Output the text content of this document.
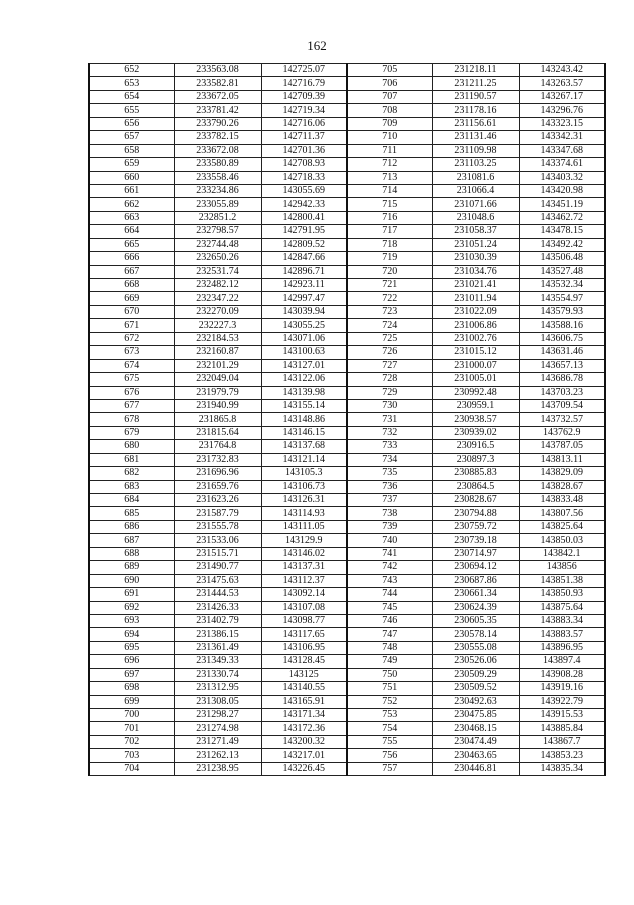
162
652	233563.08	142725.07	705	231218.11	143243.42
653	233582.81	142716.79	706	231211.25	143263.57
654	233672.05	142709.39	707	231190.57	143267.17
655	233781.42	142719.34	708	231178.16	143296.76
656	233790.26	142716.06	709	231156.61	143323.15
657	233782.15	142711.37	710	231131.46	143342.31
658	233672.08	142701.36	711	231109.98	143347.68
659	233580.89	142708.93	712	231103.25	143374.61
660	233558.46	142718.33	713	231081.6	143403.32
661	233234.86	143055.69	714	231066.4	143420.98
662	233055.89	142942.33	715	231071.66	143451.19
663	232851.2	142800.41	716	231048.6	143462.72
664	232798.57	142791.95	717	231058.37	143478.15
665	232744.48	142809.52	718	231051.24	143492.42
666	232650.26	142847.66	719	231030.39	143506.48
667	232531.74	142896.71	720	231034.76	143527.48
668	232482.12	142923.11	721	231021.41	143532.34
669	232347.22	142997.47	722	231011.94	143554.97
670	232270.09	143039.94	723	231022.09	143579.93
671	232227.3	143055.25	724	231006.86	143588.16
672	232184.53	143071.06	725	231002.76	143606.75
673	232160.87	143100.63	726	231015.12	143631.46
674	232101.29	143127.01	727	231000.07	143657.13
675	232049.04	143122.06	728	231005.01	143686.78
676	231979.79	143139.98	729	230992.48	143703.23
677	231940.99	143155.14	730	230959.1	143709.54
678	231865.8	143148.86	731	230938.57	143732.57
679	231815.64	143146.15	732	230939.02	143762.9
680	231764.8	143137.68	733	230916.5	143787.05
681	231732.83	143121.14	734	230897.3	143813.11
682	231696.96	143105.3	735	230885.83	143829.09
683	231659.76	143106.73	736	230864.5	143828.67
684	231623.26	143126.31	737	230828.67	143833.48
685	231587.79	143114.93	738	230794.88	143807.56
686	231555.78	143111.05	739	230759.72	143825.64
687	231533.06	143129.9	740	230739.18	143850.03
688	231515.71	143146.02	741	230714.97	143842.1
689	231490.77	143137.31	742	230694.12	143856
690	231475.63	143112.37	743	230687.86	143851.38
691	231444.53	143092.14	744	230661.34	143850.93
692	231426.33	143107.08	745	230624.39	143875.64
693	231402.79	143098.77	746	230605.35	143883.34
694	231386.15	143117.65	747	230578.14	143883.57
695	231361.49	143106.95	748	230555.08	143896.95
696	231349.33	143128.45	749	230526.06	143897.4
697	231330.74	143125	750	230509.29	143908.28
698	231312.95	143140.55	751	230509.52	143919.16
699	231308.05	143165.91	752	230492.63	143922.79
700	231298.27	143171.34	753	230475.85	143915.53
701	231274.98	143172.36	754	230468.15	143885.84
702	231271.49	143200.32	755	230474.49	143867.7
703	231262.13	143217.01	756	230463.65	143853.23
704	231238.95	143226.45	757	230446.81	143835.34
